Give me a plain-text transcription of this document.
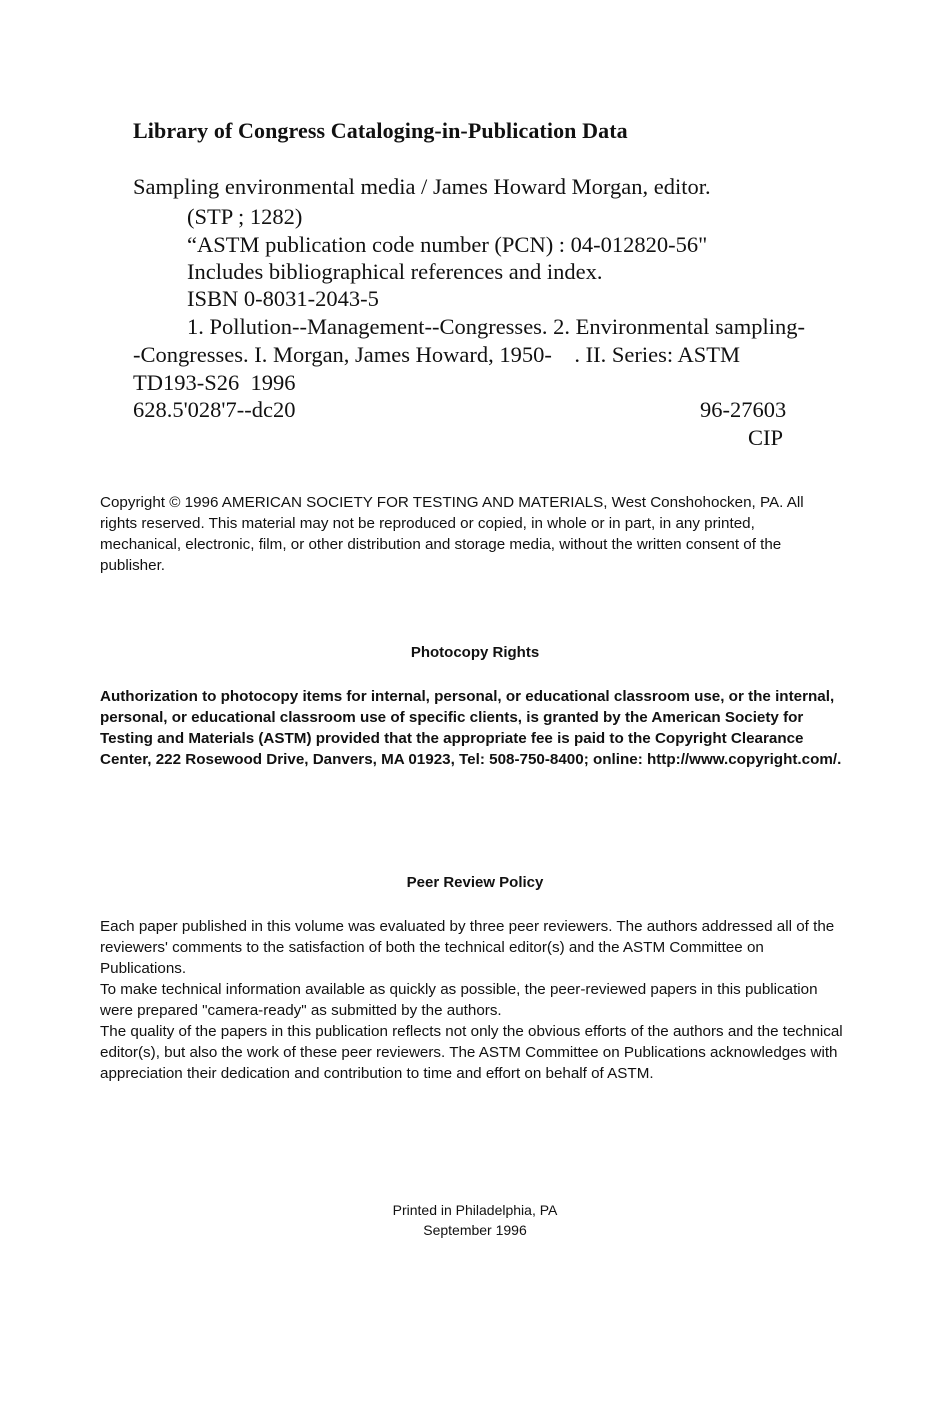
Library of Congress Cataloging-in-Publication Data
Sampling environmental media / James Howard Morgan, editor.
(STP ; 1282)
“ASTM publication code number (PCN) : 04-012820-56"
Includes bibliographical references and index.
ISBN 0-8031-2043-5
1. Pollution--Management--Congresses. 2. Environmental sampling-
-Congresses. I. Morgan, James Howard, 1950-    . II. Series: ASTM
TD193-S26  1996
628.5'028'7--dc20	96-27603
CIP
Copyright © 1996 AMERICAN SOCIETY FOR TESTING AND MATERIALS, West Conshohocken, PA. All rights reserved. This material may not be reproduced or copied, in whole or in part, in any printed, mechanical, electronic, film, or other distribution and storage media, without the written consent of the publisher.
Photocopy Rights
Authorization to photocopy items for internal, personal, or educational classroom use, or the internal, personal, or educational classroom use of specific clients, is granted by the American Society for Testing and Materials (ASTM) provided that the appropriate fee is paid to the Copyright Clearance Center, 222 Rosewood Drive, Danvers, MA 01923, Tel: 508-750-8400; online: http://www.copyright.com/.
Peer Review Policy

Each paper published in this volume was evaluated by three peer reviewers. The authors addressed all of the reviewers' comments to the satisfaction of both the technical editor(s) and the ASTM Committee on Publications.

To make technical information available as quickly as possible, the peer-reviewed papers in this publication were prepared "camera-ready" as submitted by the authors.

The quality of the papers in this publication reflects not only the obvious efforts of the authors and the technical editor(s), but also the work of these peer reviewers. The ASTM Committee on Publications acknowledges with appreciation their dedication and contribution to time and effort on behalf of ASTM.

Printed in Philadelphia, PA
September 1996
